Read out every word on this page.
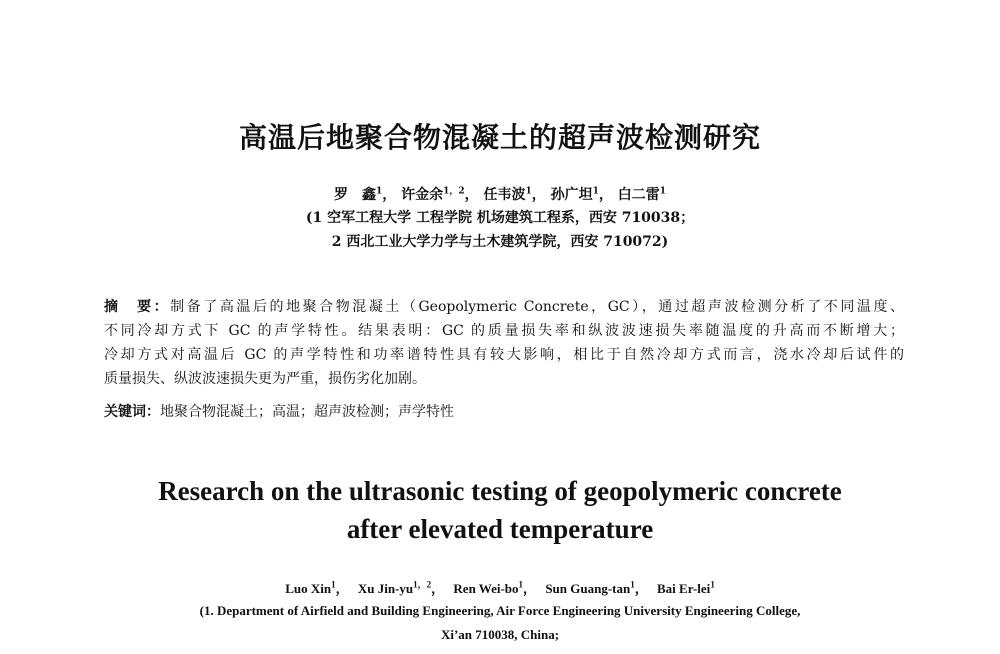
高温后地聚合物混凝土的超声波检测研究
罗　鑫$^1$， 许金余$^{1,2}$， 任韦波$^1$， 孙广坦$^1$， 白二雷$^1$
(1 空军工程大学 工程学院 机场建筑工程系，西安 710038；
2 西北工业大学力学与土木建筑学院，西安 710072)
摘　要：制备了高温后的地聚合物混凝土（Geopolymeric Concrete，GC），通过超声波检测分析了不同温度、
不同冷却方式下 GC 的声学特性。结果表明：GC 的质量损失率和纵波波速损失率随温度的升高而不断增大；
冷却方式对高温后 GC 的声学特性和功率谱特性具有较大影响，相比于自然冷却方式而言，浇水冷却后试件的
质量损失、纵波波速损失更为严重，损伤劣化加剧。
关键词：地聚合物混凝土；高温；超声波检测；声学特性
Research on the ultrasonic testing of geopolymeric concrete
after elevated temperature
Luo Xin$^1$， Xu Jin-$yu^{1,2}$， Ren Wei-$bo^1$， Sun Guang-$\tan^1$， Bai Er-lei$^1$
(1. Department of Airfield and Building Engineering, Air Force Engineering University Engineering College,
Xi’an 710038, China;
